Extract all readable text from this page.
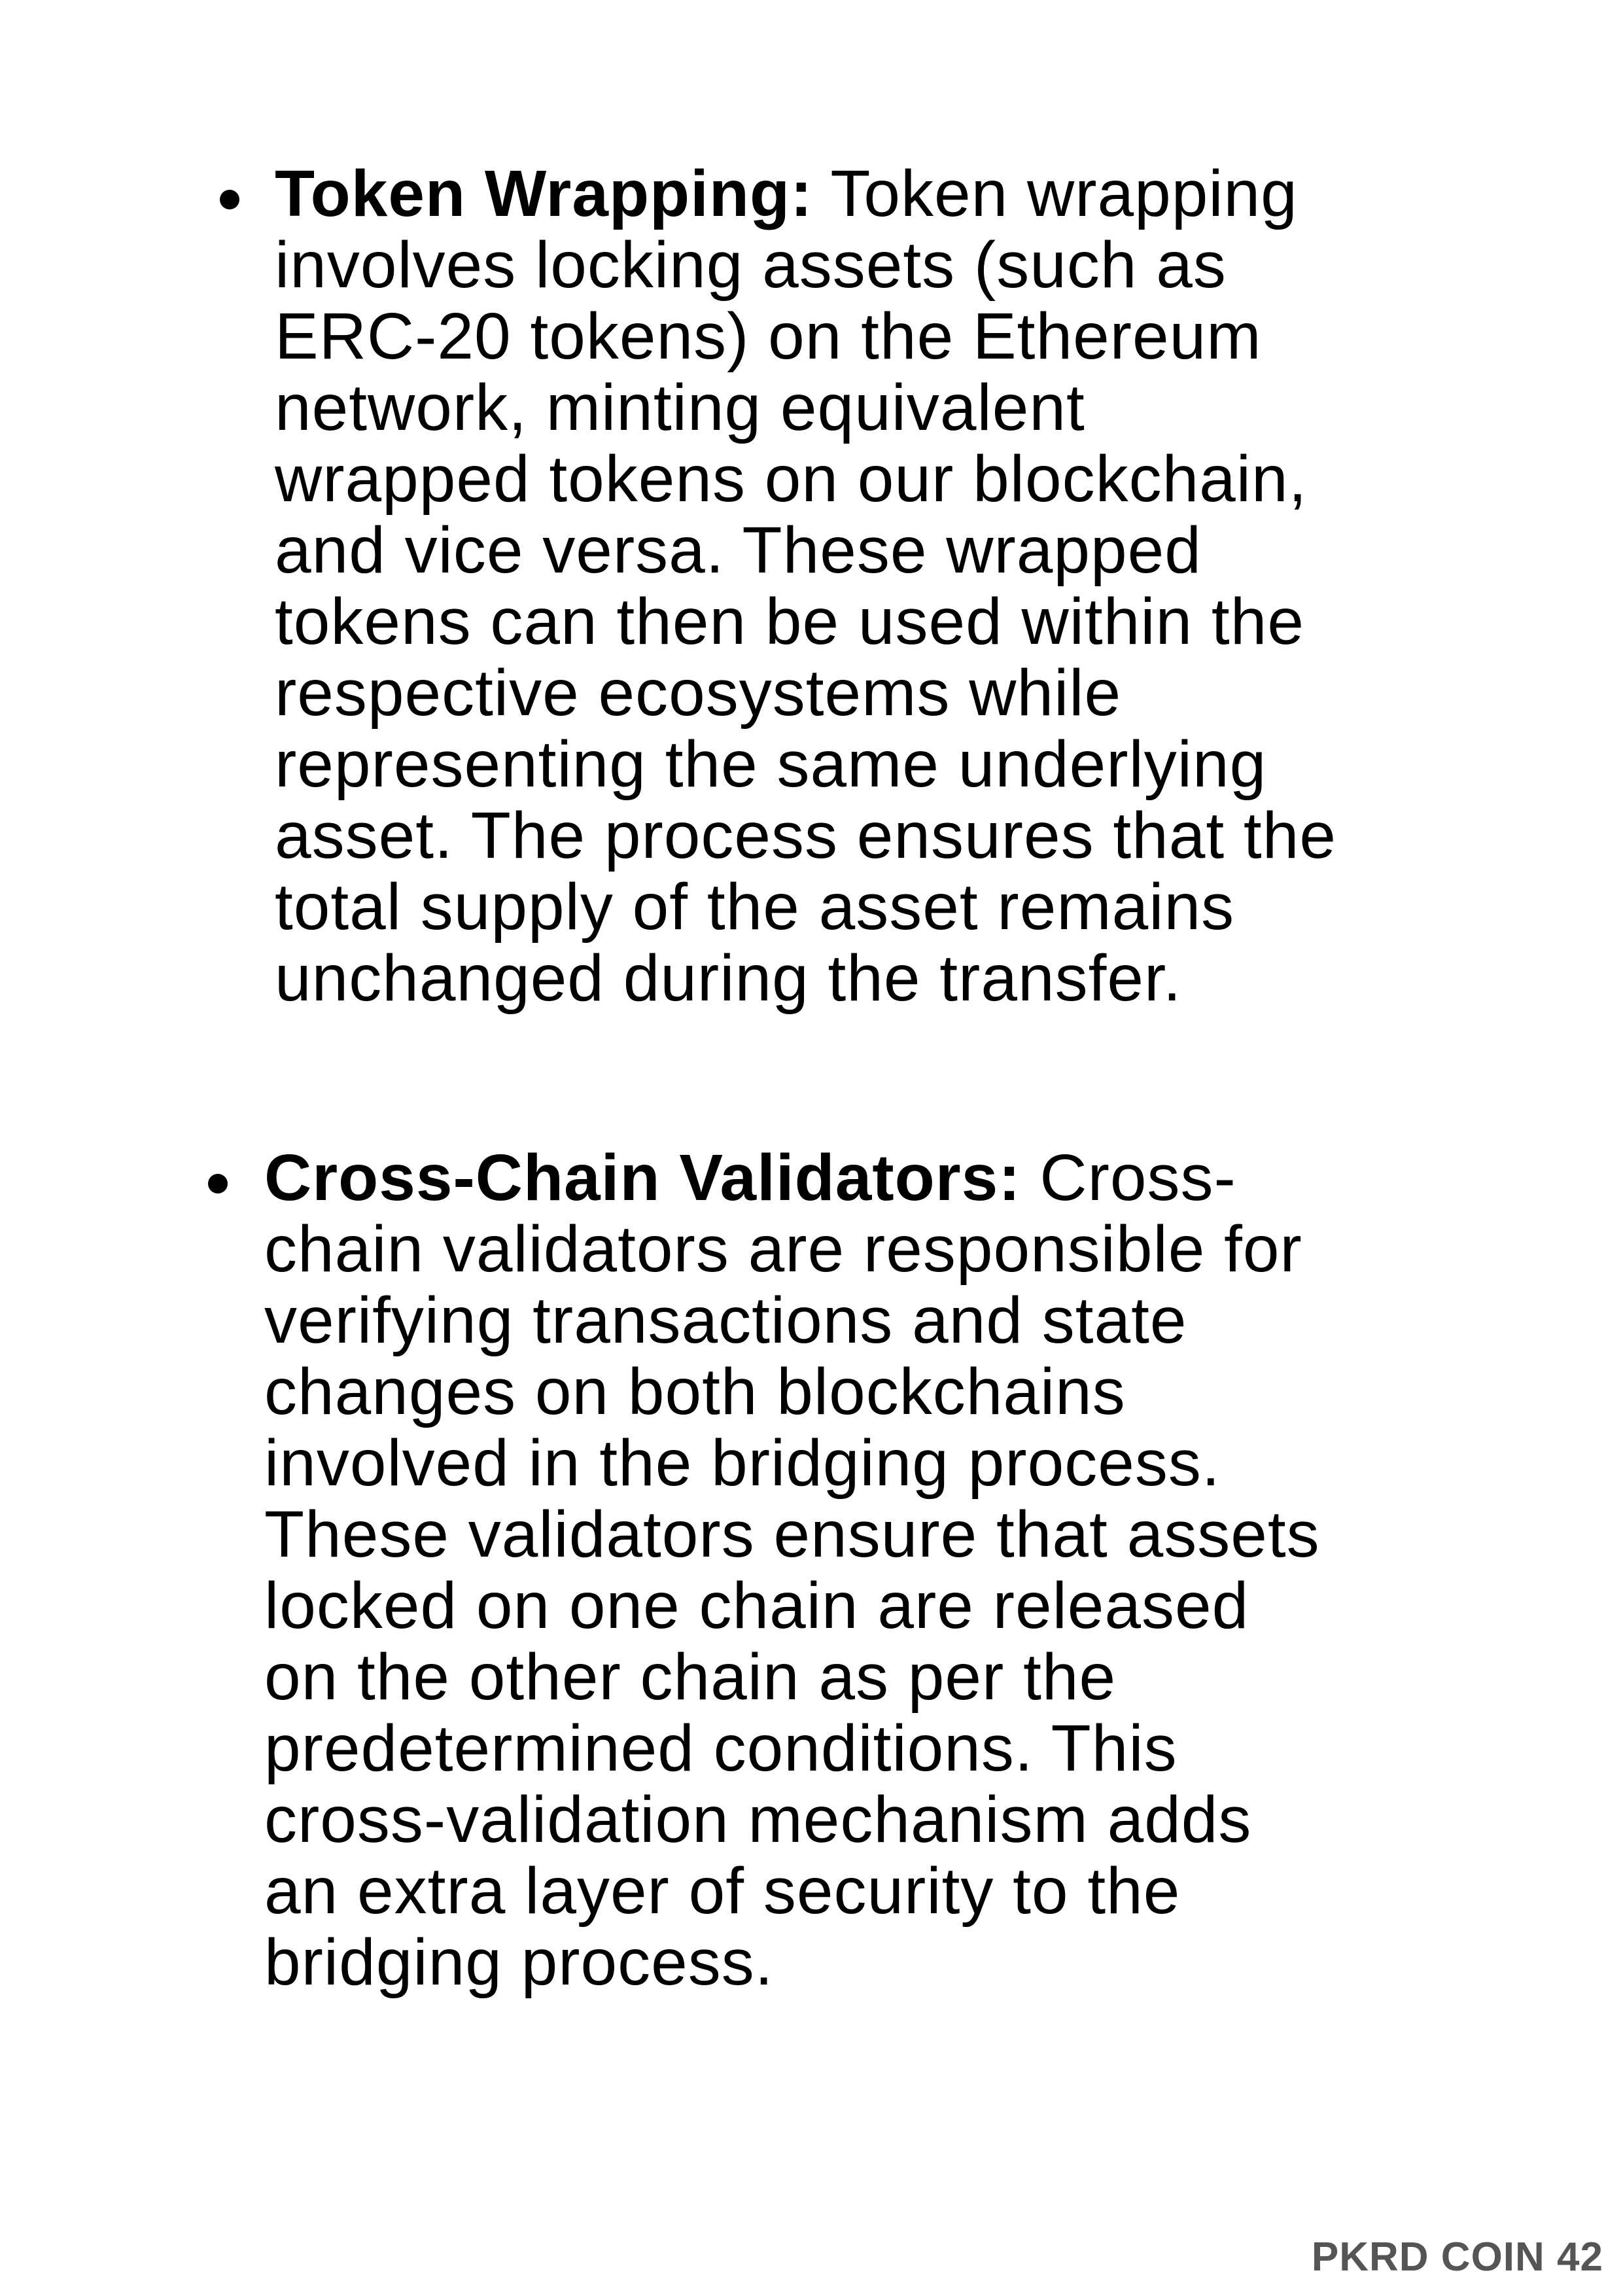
Token Wrapping: Token wrapping
involves locking assets (such as
ERC-20 tokens) on the Ethereum
network, minting equivalent
wrapped tokens on our blockchain,
and vice versa. These wrapped
tokens can then be used within the
respective ecosystems while
representing the same underlying
asset. The process ensures that the
total supply of the asset remains
unchanged during the transfer.
Cross-Chain Validators: Cross-
chain validators are responsible for
verifying transactions and state
changes on both blockchains
involved in the bridging process.
These validators ensure that assets
locked on one chain are released
on the other chain as per the
predetermined conditions. This
cross-validation mechanism adds
an extra layer of security to the
bridging process.
PKRD COIN 42
